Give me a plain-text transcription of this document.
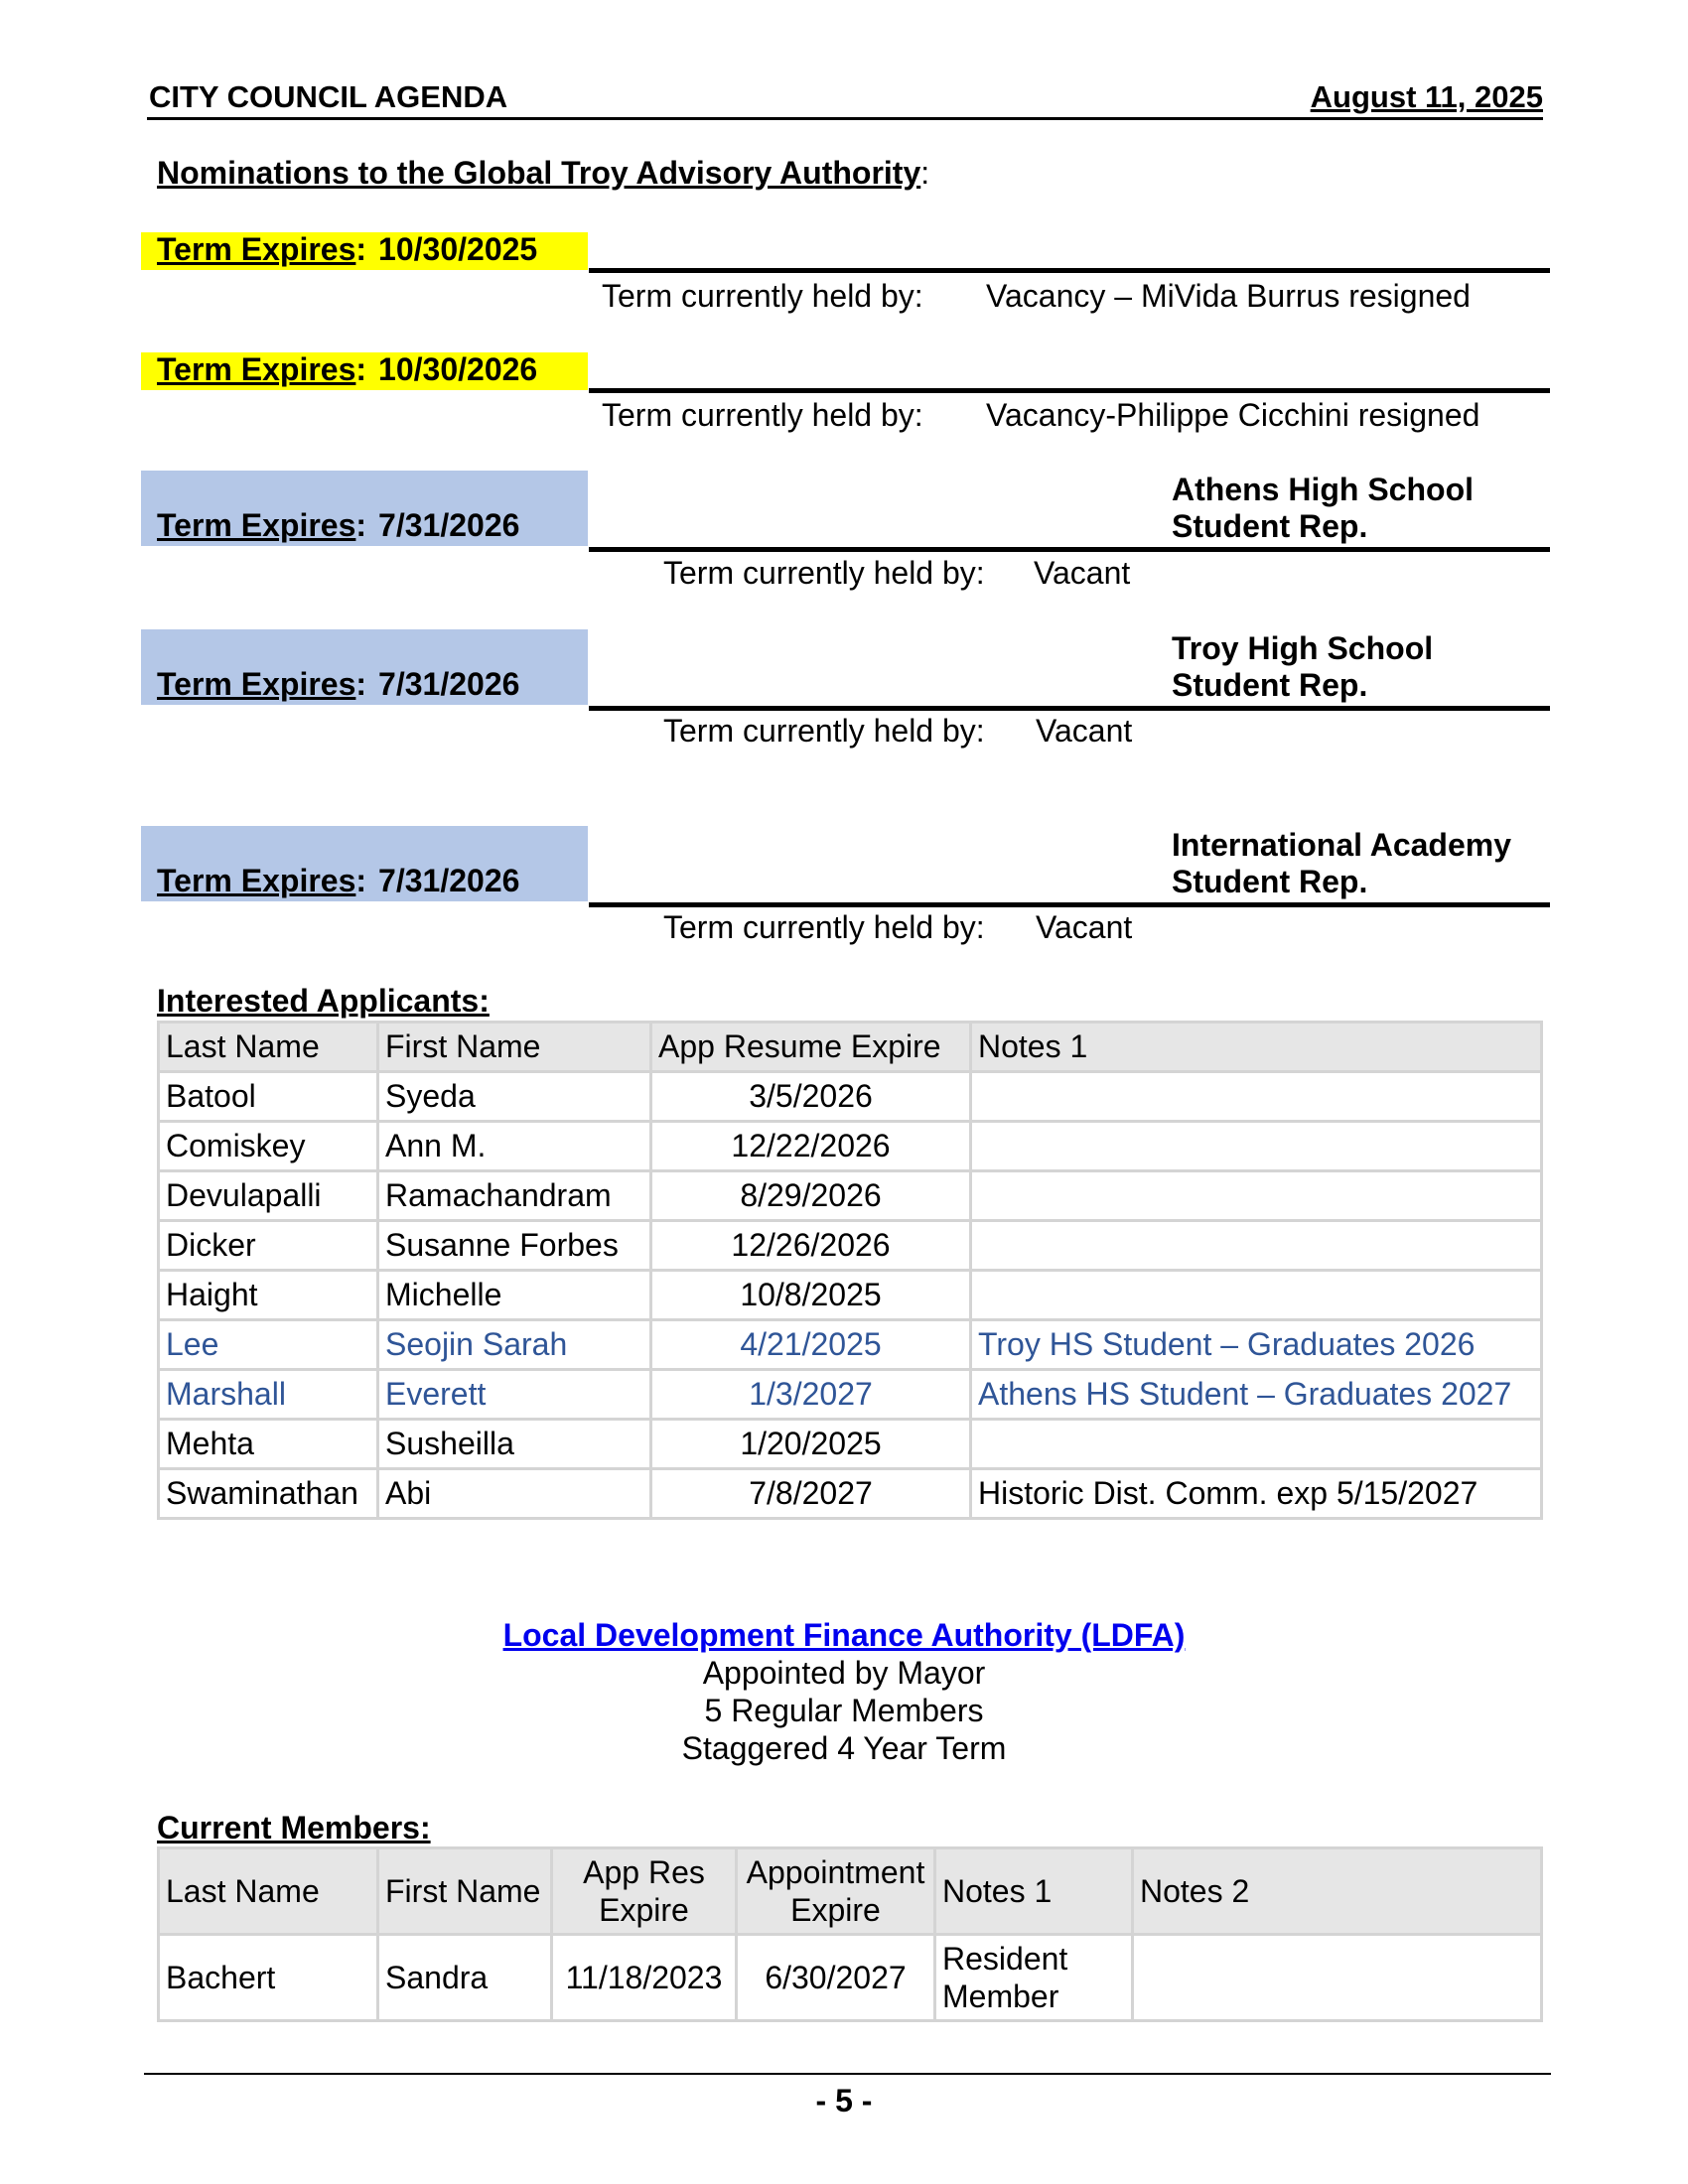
CITY COUNCIL AGENDA	August 11, 2025
Nominations to the Global Troy Advisory Authority:
Term Expires: 10/30/2025
Term currently held by: Vacancy – MiVida Burrus resigned
Term Expires: 10/30/2026
Term currently held by: Vacancy-Philippe Cicchini resigned
Term Expires: 7/31/2026
Athens High School
Student Rep.
Term currently held by: Vacant
Term Expires: 7/31/2026
Troy High School
Student Rep.
Term currently held by: Vacant
Term Expires: 7/31/2026
International Academy
Student Rep.
Term currently held by: Vacant
Interested Applicants:
Last Name	First Name	App Resume Expire	Notes 1
Batool	Syeda	3/5/2026	
Comiskey	Ann M.	12/22/2026	
Devulapalli	Ramachandram	8/29/2026	
Dicker	Susanne Forbes	12/26/2026	
Haight	Michelle	10/8/2025	
Lee	Seojin Sarah	4/21/2025	Troy HS Student – Graduates 2026
Marshall	Everett	1/3/2027	Athens HS Student – Graduates 2027
Mehta	Susheilla	1/20/2025	
Swaminathan	Abi	7/8/2027	Historic Dist. Comm. exp 5/15/2027
Local Development Finance Authority (LDFA)
Appointed by Mayor
5 Regular Members
Staggered 4 Year Term
Current Members:
Last Name	First Name	App Res Expire	Appointment Expire	Notes 1	Notes 2
Bachert	Sandra	11/18/2023	6/30/2027	Resident Member	
- 5 -
